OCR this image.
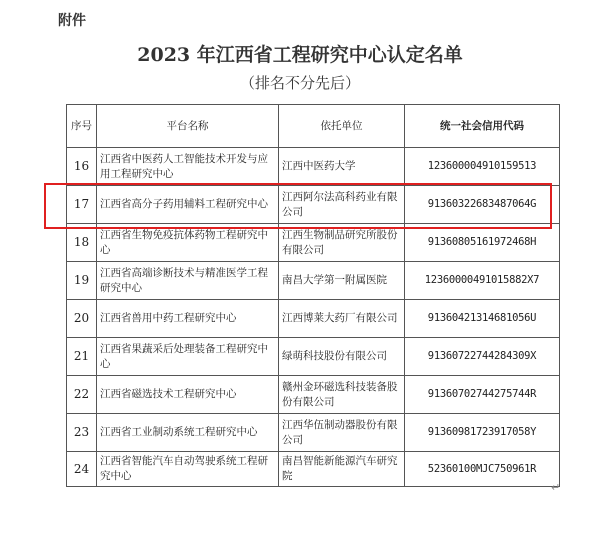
附件
2023 年江西省工程研究中心认定名单
（排名不分先后）
序号	平台名称	依托单位	统一社会信用代码
16	江西省中医药人工智能技术开发与应用工程研究中心	江西中医药大学	12360000491015951З
17	江西省高分子药用辅料工程研究中心	江西阿尔法高科药业有限公司	91360322683487064G
18	江西省生物免疫抗体药物工程研究中心	江西生物制品研究所股份有限公司	91360805161972468H
19	江西省高端诊断技术与精准医学工程研究中心	南昌大学第一附属医院	12360000491015882X7
20	江西省兽用中药工程研究中心	江西博莱大药厂有限公司	91360421314681056U
21	江西省果蔬采后处理装备工程研究中心	绿萌科技股份有限公司	91360722744284309X
22	江西省磁选技术工程研究中心	赣州金环磁选科技装备股份有限公司	91360702744275744R
23	江西省工业制动系统工程研究中心	江西华伍制动器股份有限公司	91360981723917058Y
24	江西省智能汽车自动驾驶系统工程研究中心	南昌智能新能源汽车研究院	52360100MJC750961R
↵
